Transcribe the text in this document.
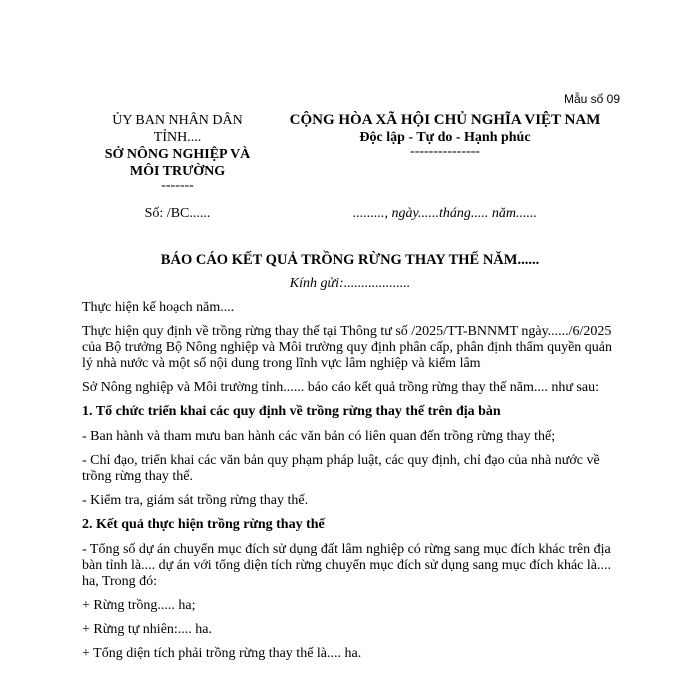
Mẫu số 09
ỦY BAN NHÂN DÂN
TỈNH....
SỞ NÔNG NGHIỆP VÀ
MÔI TRƯỜNG
-------
CỘNG HÒA XÃ HỘI CHỦ NGHĨA VIỆT NAM
Độc lập - Tự do - Hạnh phúc
---------------
Số: /BC......	........., ngày......tháng..... năm......
BÁO CÁO KẾT QUẢ TRỒNG RỪNG THAY THẾ NĂM......
Kính gửi:...................

Thực hiện kế hoạch năm....

Thực hiện quy định về trồng rừng thay thế tại Thông tư số /2025/TT-BNNMT ngày....../6/2025 của Bộ trưởng Bộ Nông nghiệp và Môi trường quy định phân cấp, phân định thẩm quyền quản lý nhà nước và một số nội dung trong lĩnh vực lâm nghiệp và kiểm lâm

Sở Nông nghiệp và Môi trường tỉnh...... báo cáo kết quả trồng rừng thay thế năm.... như sau:

1. Tổ chức triển khai các quy định về trồng rừng thay thế trên địa bàn

- Ban hành và tham mưu ban hành các văn bản có liên quan đến trồng rừng thay thế;

- Chỉ đạo, triển khai các văn bản quy phạm pháp luật, các quy định, chỉ đạo của nhà nước về trồng rừng thay thế.

- Kiểm tra, giám sát trồng rừng thay thế.

2. Kết quả thực hiện trồng rừng thay thế

- Tổng số dự án chuyển mục đích sử dụng đất lâm nghiệp có rừng sang mục đích khác trên địa bàn tỉnh là.... dự án với tổng diện tích rừng chuyển mục đích sử dụng sang mục đích khác là.... ha, Trong đó:

+ Rừng trồng..... ha;

+ Rừng tự nhiên:.... ha.

+ Tổng diện tích phải trồng rừng thay thế là.... ha.
